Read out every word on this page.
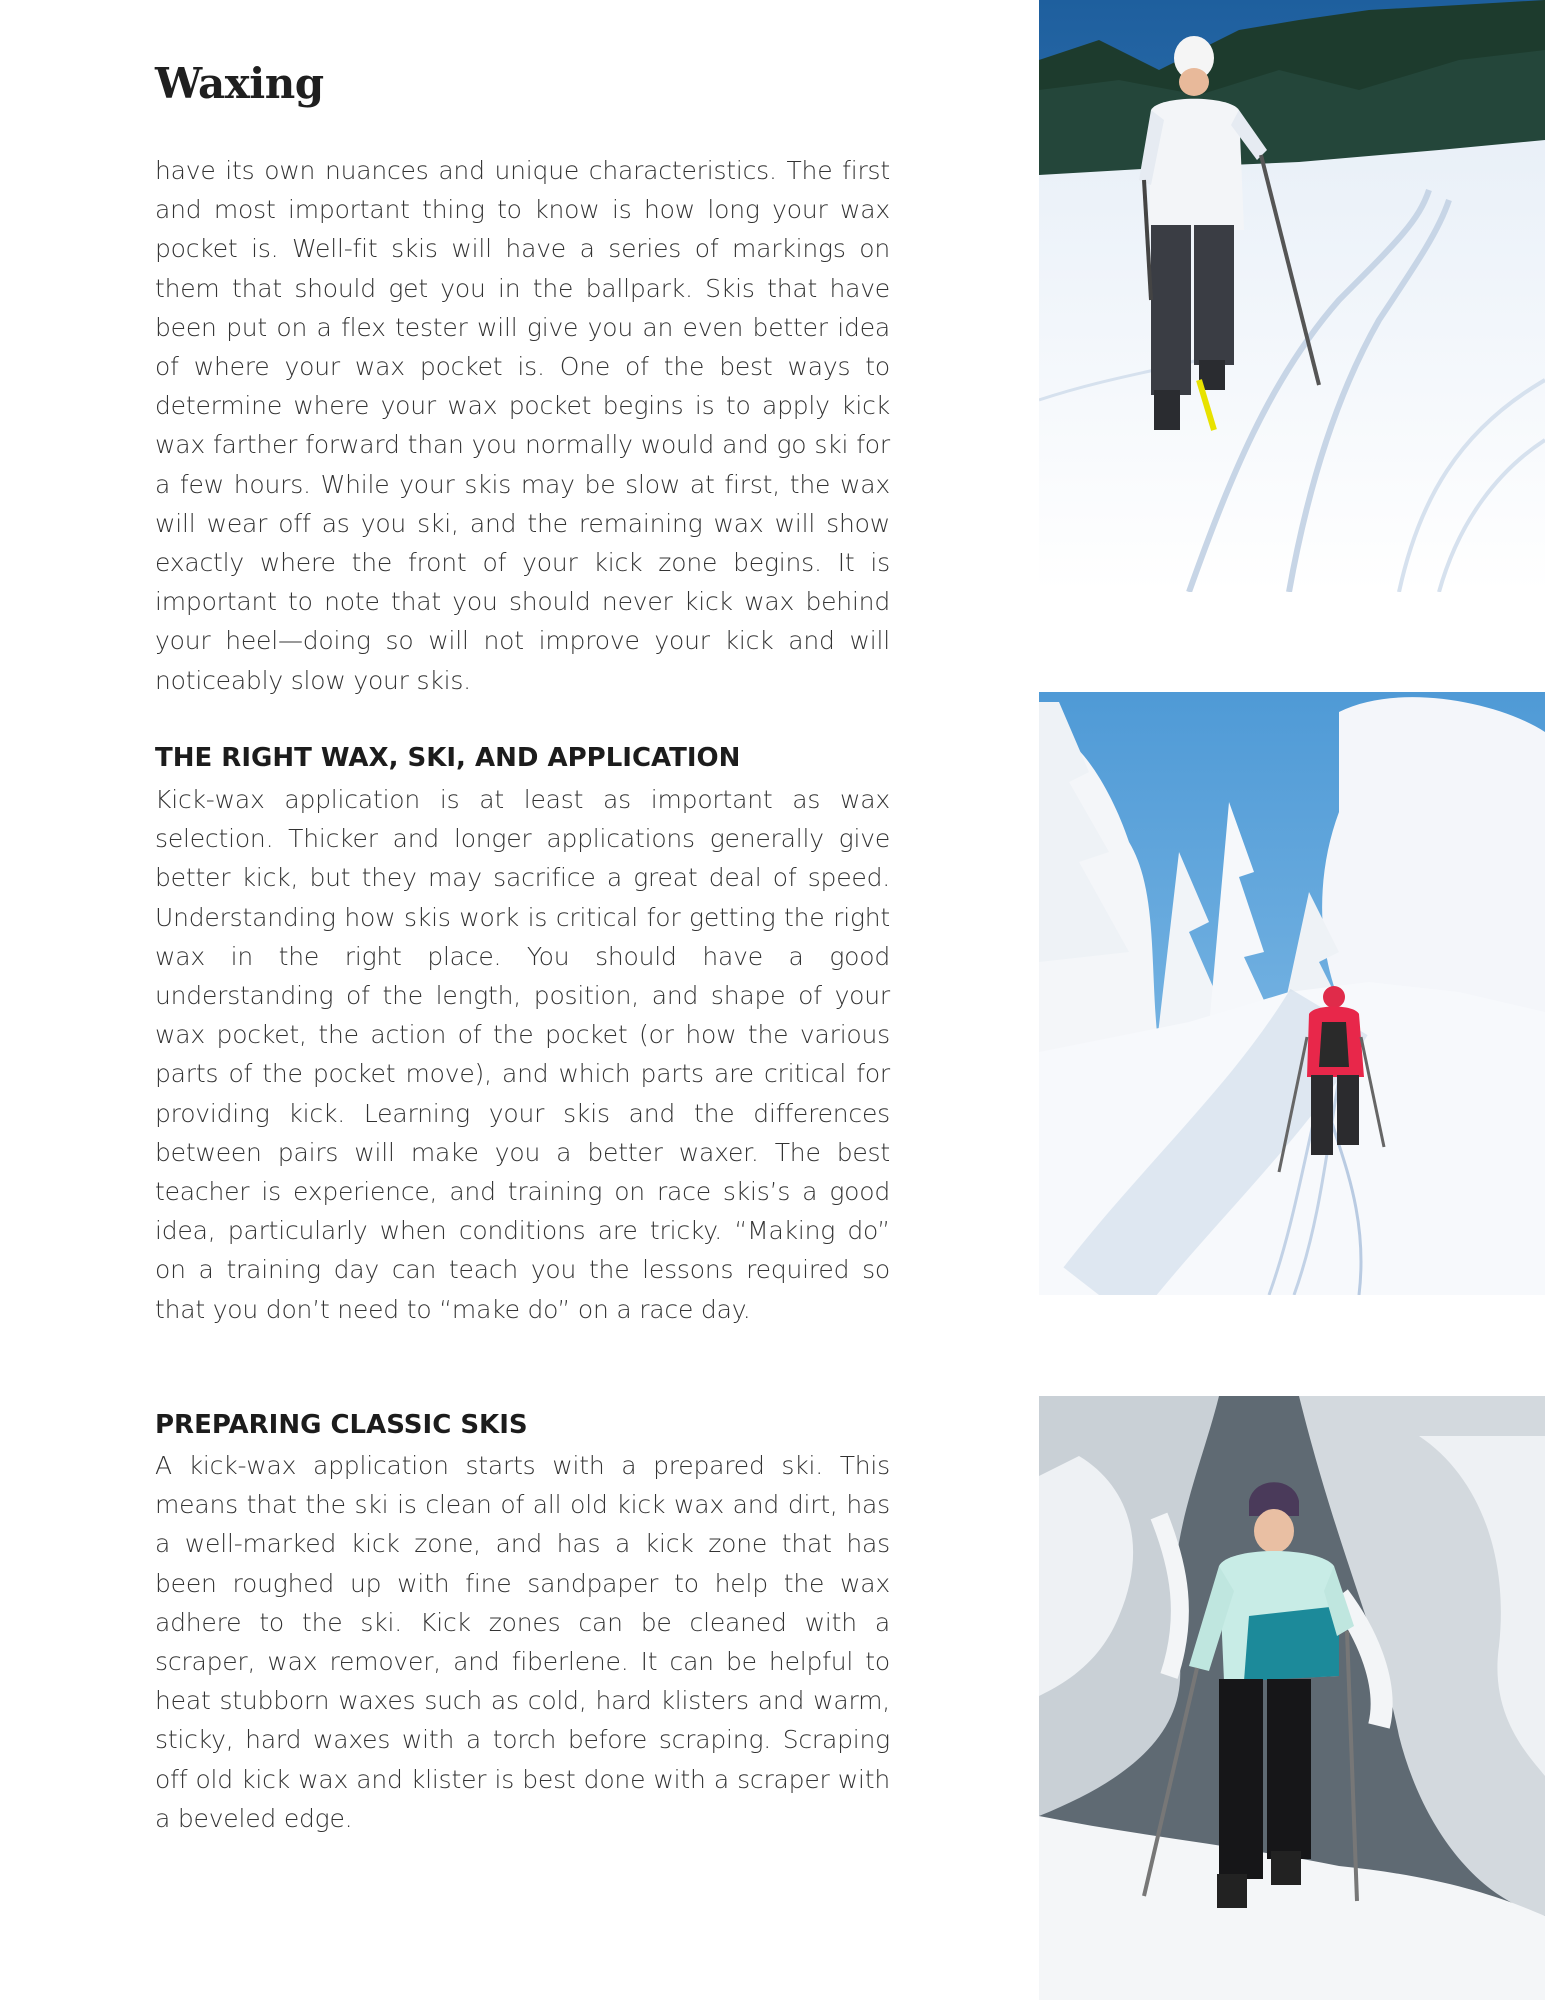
Waxing

have its own nuances and unique characteristics. The first and most important thing to know is how long your wax pocket is. Well-fit skis will have a series of markings on them that should get you in the ballpark. Skis that have been put on a flex tester will give you an even better idea of where your wax pocket is. One of the best ways to determine where your wax pocket begins is to apply kick wax farther forward than you normally would and go ski for a few hours. While your skis may be slow at first, the wax will wear off as you ski, and the remaining wax will show exactly where the front of your kick zone begins. It is important to note that you should never kick wax behind your heel—doing so will not improve your kick and will noticeably slow your skis.

THE RIGHT WAX, SKI, AND APPLICATION

Kick-wax application is at least as important as wax selection. Thicker and longer applications generally give better kick, but they may sacrifice a great deal of speed. Understanding how skis work is critical for getting the right wax in the right place. You should have a good understanding of the length, position, and shape of your wax pocket, the action of the pocket (or how the various parts of the pocket move), and which parts are critical for providing kick. Learning your skis and the differences between pairs will make you a better waxer. The best teacher is experience, and training on race skis’s a good idea, particularly when conditions are tricky. “Making do” on a training day can teach you the lessons required so that you don’t need to “make do” on a race day.

PREPARING CLASSIC SKIS

A kick-wax application starts with a prepared ski. This means that the ski is clean of all old kick wax and dirt, has a well-marked kick zone, and has a kick zone that has been roughed up with fine sandpaper to help the wax adhere to the ski. Kick zones can be cleaned with a scraper, wax remover, and fiberlene. It can be helpful to heat stubborn waxes such as cold, hard klisters and warm, sticky, hard waxes with a torch before scraping. Scraping off old kick wax and klister is best done with a scraper with a beveled edge.
